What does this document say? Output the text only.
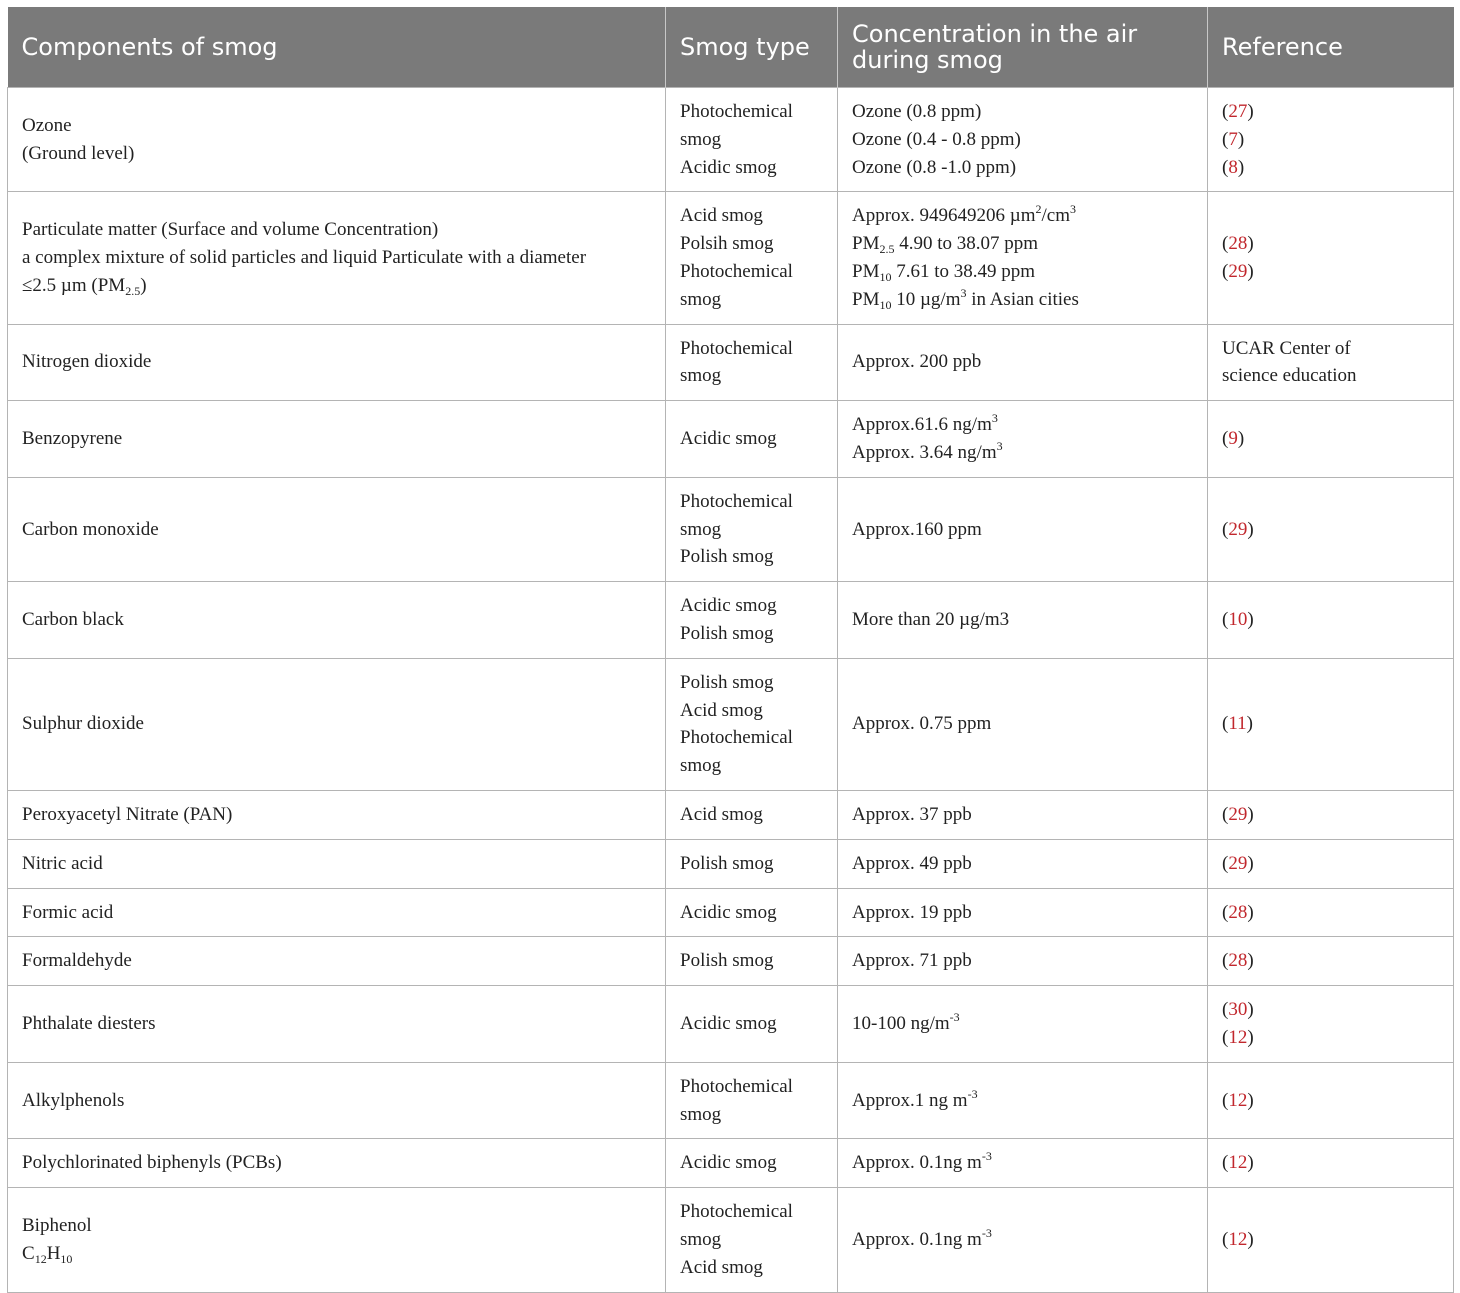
Components of smog	Smog type	Concentration in the air during smog	Reference

Ozone
(Ground level)	Photochemical
smog
Acidic smog	Ozone (0.8 ppm)
Ozone (0.4 - 0.8 ppm)
Ozone (0.8 -1.0 ppm)	(27)
(7)
(8)

Particulate matter (Surface and volume Concentration)
a complex mixture of solid particles and liquid Particulate with a diameter
≤2.5 µm $(PM_{2.5})$	Acid smog
Polsih smog
Photochemical
smog	Approx. 949649206 $\mu m^2/cm^3$
$PM_{2.5}$ 4.90 to 38.07 ppm
$PM_{10}$ 7.61 to 38.49 ppm
$PM_{10}$ 10 $\mu g/m^3$ in Asian cities	(28)
(29)

Nitrogen dioxide	Photochemical
smog	Approx. 200 ppb	UCAR Center of
science education

Benzopyrene	Acidic smog	Approx.61.6 $ng/m^3$
Approx. 3.64 $ng/m^3$	(9)

Carbon monoxide	Photochemical
smog
Polish smog	Approx.160 ppm	(29)

Carbon black	Acidic smog
Polish smog	More than 20 µg/m3	(10)

Sulphur dioxide	Polish smog
Acid smog
Photochemical
smog	Approx. 0.75 ppm	(11)

Peroxyacetyl Nitrate (PAN)	Acid smog	Approx. 37 ppb	(29)

Nitric acid	Polish smog	Approx. 49 ppb	(29)

Formic acid	Acidic smog	Approx. 19 ppb	(28)

Formaldehyde	Polish smog	Approx. 71 ppb	(28)

Phthalate diesters	Acidic smog	10-100 $ng/m^{-3}$	(30)
(12)

Alkylphenols	Photochemical
smog	Approx.1 ng $m^{-3}$	(12)

Polychlorinated biphenyls (PCBs)	Acidic smog	Approx. 0.1ng $m^{-3}$	(12)

Biphenol
$C_{12}H_{10}$	Photochemical
smog
Acid smog	Approx. 0.1ng $m^{-3}$	(12)
